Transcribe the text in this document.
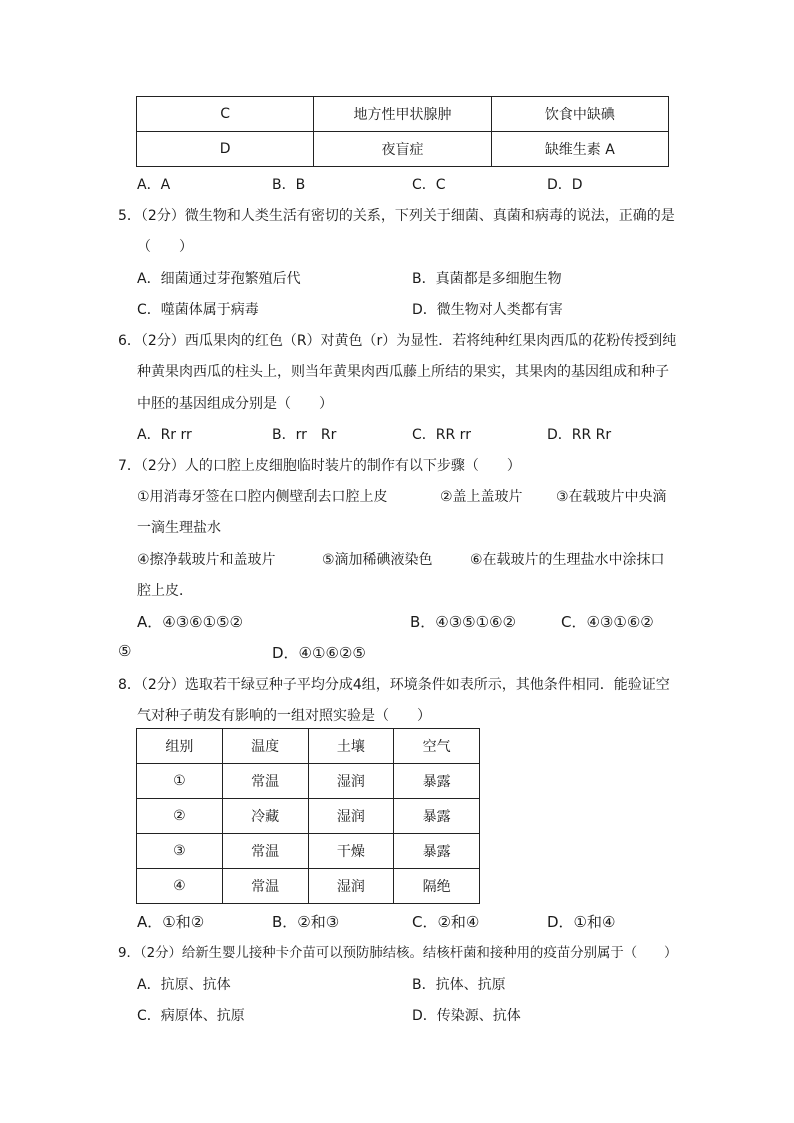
C	地方性甲状腺肿	饮食中缺碘
D	夜盲症	缺维生素 A
A．A	B．B	C．C	D．D
5．（2分）微生物和人类生活有密切的关系，下列关于细菌、真菌和病毒的说法，正确的是
（　　）
A．细菌通过芽孢繁殖后代	B．真菌都是多细胞生物
C．噬菌体属于病毒	D．微生物对人类都有害
6．（2分）西瓜果肉的红色（R）对黄色（r）为显性．若将纯种红果肉西瓜的花粉传授到纯
种黄果肉西瓜的柱头上，则当年黄果肉西瓜藤上所结的果实，其果肉的基因组成和种子
中胚的基因组成分别是（　　）
A．Rr rr	B．rr　Rr	C．RR rr	D．RR Rr
7．（2分）人的口腔上皮细胞临时装片的制作有以下步骤（　　）
①用消毒牙签在口腔内侧壁刮去口腔上皮	②盖上盖玻片 ③在载玻片中央滴
一滴生理盐水
④擦净载玻片和盖玻片	⑤滴加稀碘液染色	⑥在载玻片的生理盐水中涂抹口
腔上皮．
A．④③⑥①⑤②	B．④③⑤①⑥②	C．④③①⑥②
⑤	D．④①⑥②⑤
8．（2分）选取若干绿豆种子平均分成4组，环境条件如表所示，其他条件相同．能验证空
气对种子萌发有影响的一组对照实验是（　　）
组别	温度	土壤	空气
①	常温	湿润	暴露
②	冷藏	湿润	暴露
③	常温	干燥	暴露
④	常温	湿润	隔绝
A．①和②	B．②和③	C．②和④	D．①和④
9．（2分）给新生婴儿接种卡介苗可以预防肺结核。结核杆菌和接种用的疫苗分别属于（　　）
A．抗原、抗体	B．抗体、抗原
C．病原体、抗原	D．传染源、抗体
